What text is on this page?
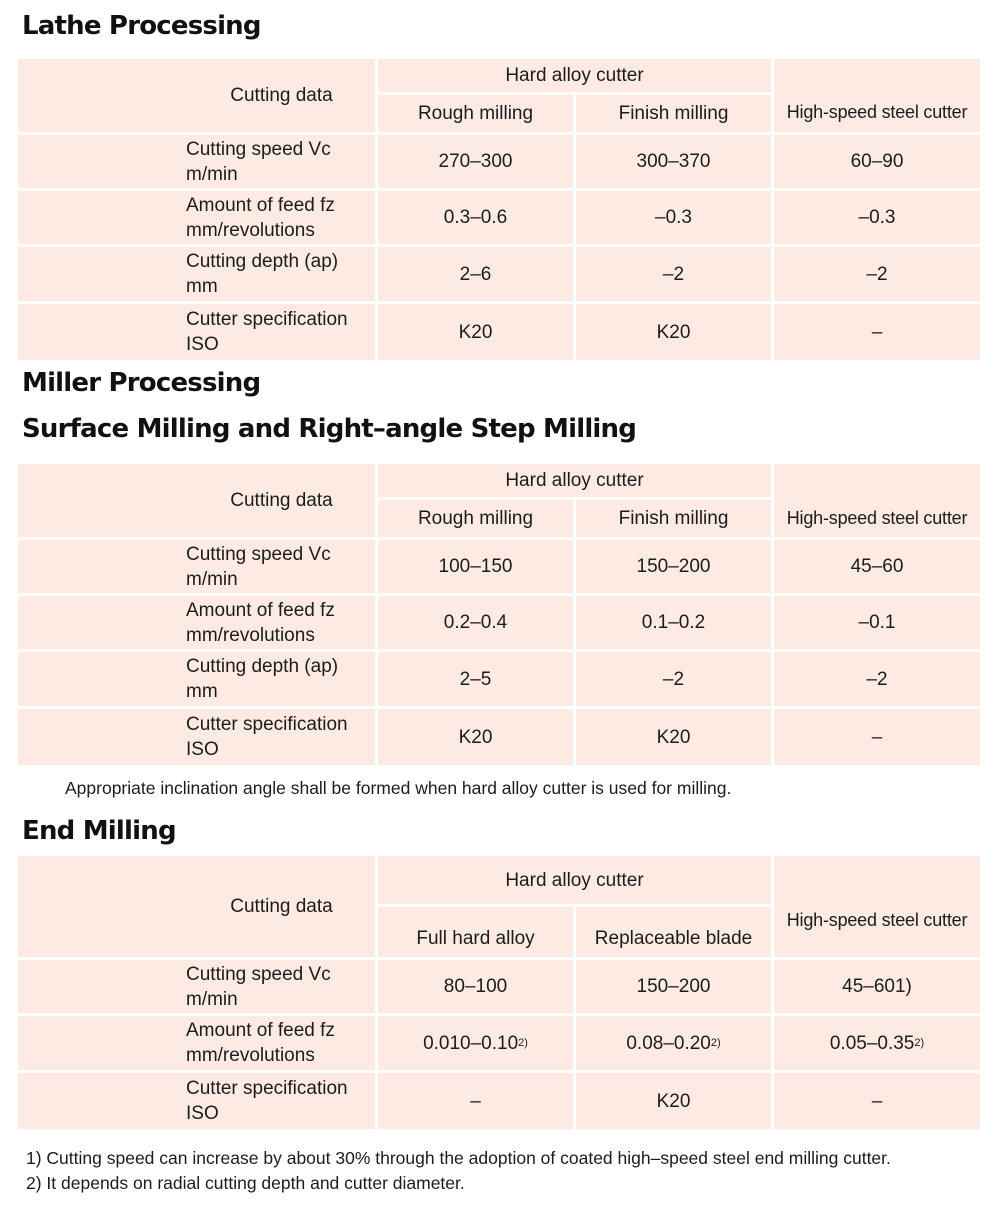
Lathe Processing
Cutting data
Hard alloy cutter
Rough milling	Finish milling	High-speed steel cutter
Cutting speed Vc
m/min
270–300	300–370	60–90
Amount of feed fz
mm/revolutions
0.3–0.6	–0.3	–0.3
Cutting depth (ap)
mm
2–6	–2	–2
Cutter specification
ISO
K20	K20	–
Miller Processing
Surface Milling and Right–angle Step Milling
Cutting data
Hard alloy cutter
Rough milling	Finish milling	High-speed steel cutter
Cutting speed Vc
m/min
100–150	150–200	45–60
Amount of feed fz
mm/revolutions
0.2–0.4	0.1–0.2	–0.1
Cutting depth (ap)
mm
2–5	–2	–2
Cutter specification
ISO
K20	K20	–

Appropriate inclination angle shall be formed when hard alloy cutter is used for milling.

End Milling
Cutting data
Hard alloy cutter
Full hard alloy	Replaceable blade
High-speed steel cutter
Cutting speed Vc
m/min
80–100	150–200	45–601)
Amount of feed fz
mm/revolutions
0.010–0.10 2)	0.08–0.20 2)	0.05–0.35 2)
Cutter specification
ISO
–	K20	–

1) Cutting speed can increase by about 30% through the adoption of coated high–speed steel end milling cutter.

2) It depends on radial cutting depth and cutter diameter.
